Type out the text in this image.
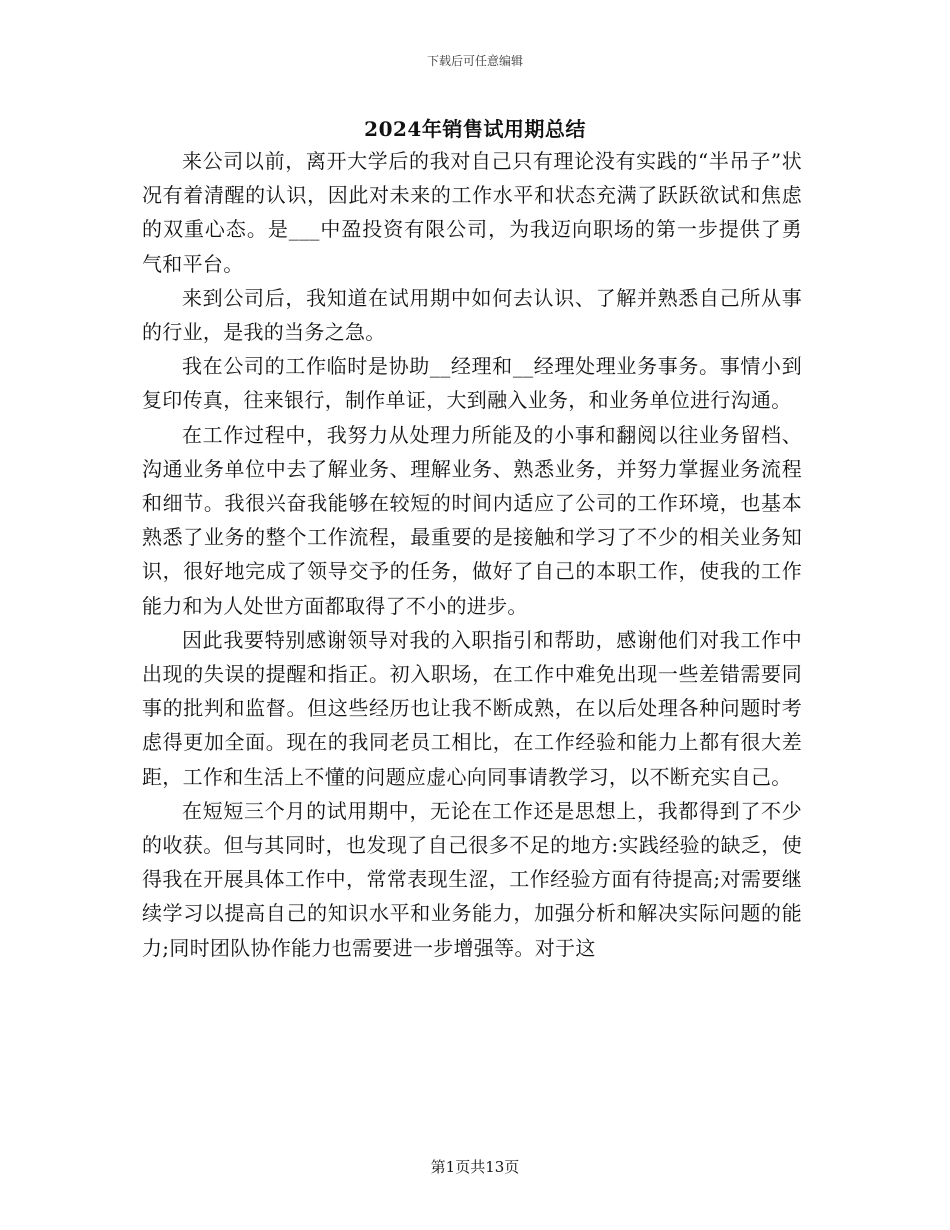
下载后可任意编辑
2024年销售试用期总结

来公司以前，离开大学后的我对自己只有理论没有实践的“半吊子”状况有着清醒的认识，因此对未来的工作水平和状态充满了跃跃欲试和焦虑的双重心态。是___中盈投资有限公司，为我迈向职场的第一步提供了勇气和平台。

来到公司后，我知道在试用期中如何去认识、了解并熟悉自己所从事的行业，是我的当务之急。

我在公司的工作临时是协助__经理和__经理处理业务事务。事情小到复印传真，往来银行，制作单证，大到融入业务，和业务单位进行沟通。

在工作过程中，我努力从处理力所能及的小事和翻阅以往业务留档、沟通业务单位中去了解业务、理解业务、熟悉业务，并努力掌握业务流程和细节。我很兴奋我能够在较短的时间内适应了公司的工作环境，也基本熟悉了业务的整个工作流程，最重要的是接触和学习了不少的相关业务知识，很好地完成了领导交予的任务，做好了自己的本职工作，使我的工作能力和为人处世方面都取得了不小的进步。

因此我要特别感谢领导对我的入职指引和帮助，感谢他们对我工作中出现的失误的提醒和指正。初入职场，在工作中难免出现一些差错需要同事的批判和监督。但这些经历也让我不断成熟，在以后处理各种问题时考虑得更加全面。现在的我同老员工相比，在工作经验和能力上都有很大差距，工作和生活上不懂的问题应虚心向同事请教学习，以不断充实自己。

在短短三个月的试用期中，无论在工作还是思想上，我都得到了不少的收获。但与其同时，也发现了自己很多不足的地方:实践经验的缺乏，使得我在开展具体工作中，常常表现生涩，工作经验方面有待提高;对需要继续学习以提高自己的知识水平和业务能力，加强分析和解决实际问题的能力;同时团队协作能力也需要进一步增强等。对于这

第1页共13页
